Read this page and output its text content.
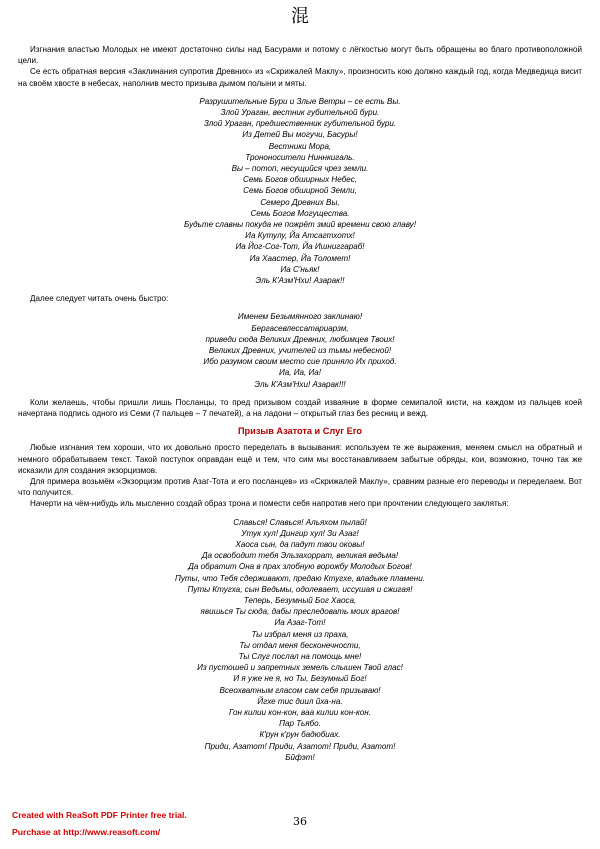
混

Изгнания властью Молодых не имеют достаточно силы над Басурами и потому с лёгкостью могут быть обращены во благо противоположной цели.

Се есть обратная версия «Заклинания супротив Древних» из «Скрижалей Маклу», произносить кою должно каждый год, когда Медведица висит на своём хвосте в небесах, наполнив место призыва дымом полыни и мяты.

Разрушительные Бури и Злые Ветры – се есть Вы.
Злой Ураган, вестник губительной бури.
Злой Ураган, предшественник губительной бури.
Из Детей Вы могучи, Басуры!
Вестники Мора,
Трононосители Ниннкигаль.
Вы – потоп, несущийся чрез земли.
Семь Богов обширных Небес,
Семь Богов обширной Земли,
Семеро Древних Вы,
Семь Богов Могущества.
Будьте славны покуда не пожрёт змий времени свою главу!
Иа Кутулу, Йа Атсагтхотх!
Иа Йог-Сог-Тот, Йа Ишниггараб!
Иа Хаастер, Йа Толомет!
Иа С'ньяк!
Эль К'Азм'Нхи! Азарак!!

Далее следует читать очень быстро:

Именем Безымянного заклинаю!
Бергасевлессатариарзм,
приведи сюда Великих Древних, любимцев Твоих!
Великих Древних, учителей из тьмы небесной!
Ибо разумом своим место сие приняло Их приход.
Иа, Иа, Иа!
Эль К'Азм'Нхи! Азарак!!!

Коли желаешь, чтобы пришли лишь Посланцы, то пред призывом создай изваяние в форме семипалой кисти, на каждом из пальцев коей начертана подпись одного из Семи (7 пальцев – 7 печатей), а на ладони – открытый глаз без ресниц и вежд.

Призыв Азатота и Слуг Его

Любые изгнания тем хороши, что их довольно просто переделать в вызывания: используем те же выражения, меняем смысл на обратный и немного обрабатываем текст. Такой поступок оправдан ещё и тем, что сим мы восстанавливаем забытые обряды, кои, возможно, точно так же исказили для создания экзорцизмов.

Для примера возьмём «Экзорцизм против Азаг-Тота и его посланцев» из «Скрижалей Маклу», сравним разные его переводы и переделаем. Вот что получится.

Начерти на чём-нибудь иль мысленно создай образ трона и помести себя напротив него при прочтении следующего заклятья:

Славься! Славься! Альяхом пылай!
Утук хул! Дингир хул! Зи Азаг!
Хаоса сын, да падут твои оковы!
Да освободит тебя Эльзахоррат, великая ведьма!
Да обратит Она в прах злобную ворожбу Молодых Богов!
Путы, что Тебя сдерживают, предаю Ктугхе, владыке пламени.
Путы Ктугха, сын Ведьмы, одолевает, иссушая и сжигая!
Теперь, Безумный Бог Хаоса,
явишься Ты сюда, дабы преследовать моих врагов!
Иа Азаг-Тот!
Ты избрал меня из праха,
Ты отдал меня бесконечности,
Ты Слуг послал на помощь мне!
Из пустошей и запретных земель слышен Твой глас!
И я уже не я, но Ты, Безумный Бог!
Всеохватным гласом сам себя призываю!
Йгхе тис диил йха-на.
Гон килии кон-кон, ваа килии кон-кон.
Пар Тьябо.
К'рун к'рун бадюбиах.
Приди, Азатот! Приди, Азатот! Приди, Азатот!
Бйфэт!
Created with ReaSoft PDF Printer free trial.
Purchase at http://www.reasoft.com/
36
